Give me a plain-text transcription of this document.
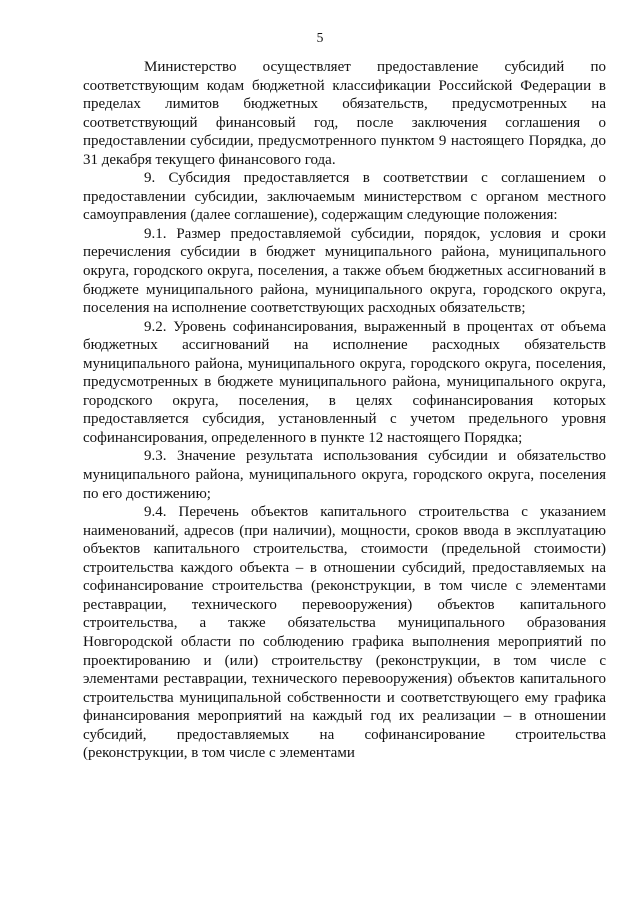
5

Министерство осуществляет предоставление субсидий по соответствующим кодам бюджетной классификации Российской Федерации в пределах лимитов бюджетных обязательств, предусмотренных на соответствующий финансовый год, после заключения соглашения о предоставлении субсидии, предусмотренного пунктом 9 настоящего Порядка, до 31 декабря текущего финансового года.

9. Субсидия предоставляется в соответствии с соглашением о предоставлении субсидии, заключаемым министерством с органом местного самоуправления (далее соглашение), содержащим следующие положения:

9.1. Размер предоставляемой субсидии, порядок, условия и сроки перечисления субсидии в бюджет муниципального района, муниципального округа, городского округа, поселения, а также объем бюджетных ассигнований в бюджете муниципального района, муниципального округа, городского округа, поселения на исполнение соответствующих расходных обязательств;

9.2. Уровень софинансирования, выраженный в процентах от объема бюджетных ассигнований на исполнение расходных обязательств муниципального района, муниципального округа, городского округа, поселения, предусмотренных в бюджете муниципального района, муниципального округа, городского округа, поселения, в целях софинансирования которых предоставляется субсидия, установленный с учетом предельного уровня софинансирования, определенного в пункте 12 настоящего Порядка;

9.3. Значение результата использования субсидии и обязательство муниципального района, муниципального округа, городского округа, поселения по его достижению;

9.4. Перечень объектов капитального строительства с указанием наименований, адресов (при наличии), мощности, сроков ввода в эксплуатацию объектов капитального строительства, стоимости (предельной стоимости) строительства каждого объекта – в отношении субсидий, предоставляемых на софинансирование строительства (реконструкции, в том числе с элементами реставрации, технического перевооружения) объектов капитального строительства, а также обязательства муниципального образования Новгородской области по соблюдению графика выполнения мероприятий по проектированию и (или) строительству (реконструкции, в том числе с элементами реставрации, технического перевооружения) объектов капитального строительства муниципальной собственности и соответствующего ему графика финансирования мероприятий на каждый год их реализации – в отношении субсидий, предоставляемых на софинансирование строительства (реконструкции, в том числе с элементами
